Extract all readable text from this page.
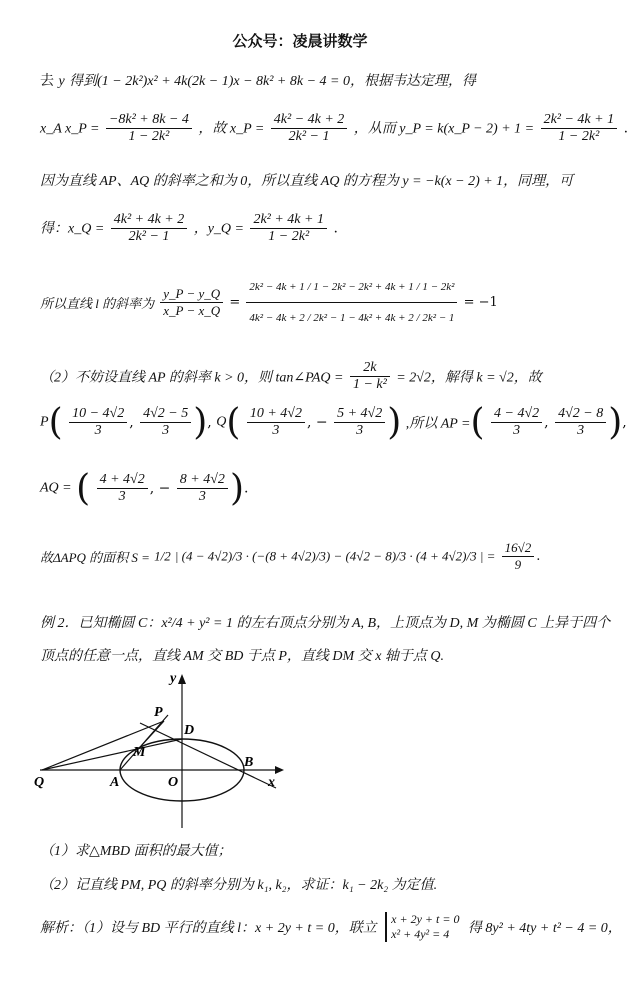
公众号：凌晨讲数学
去 y 得到(1 − 2k²)x² + 4k(2k − 1)x − 8k² + 8k − 4 = 0，根据韦达定理，得
x_A x_P = $\frac{\text{−8k² + 8k − 4}}{\text{1 − 2k²}}$ ，故 x_P = $\frac{\text{4k² − 4k + 2}}{\text{2k² − 1}}$ ，从而 y_P = k(x_P − $2) + 1 = \frac{\text{2k² − 4k + 1}}{\text{1 − 2k²}}$ .
因为直线 AP、AQ 的斜率之和为 0，所以直线 AQ 的方程为 y = −k(x − 2) + 1，同理，可
得：x_Q = $\frac{\text{4k² + 4k + 2}}{\text{2k² − 1}}$ ，y_Q = $\frac{\text{2k² + 4k + 1}}{\text{1 − 2k²}}$ .
所以直线 l 的斜率为 $\frac{y\_P - y\_Q}{x\_P - x\_Q} = \frac{\text{2k² − 4k + 1 / 1 − 2k² − 2k² + 4k + 1 / 1 − 2k²}}{\text{4k² − 4k + 2 / 2k² − 1 − 4k² + 4k + 2 / 2k² − 1}} = -1$
（2）不妨设直线 AP 的斜率 k > 0，则 tan∠PAQ = $\frac{2k}{\text{1 − k²}} = 2√2$，解得 k = √2，故
$P( \frac{10 - 4√2}{3}$ , $\frac{4√2 - 5}{3}$ ), $Q( \frac{10 + 4√2}{3}$ , − $\frac{5 + 4√2}{3}$ ) ,所以 AP =( $\frac{4 - 4√2}{3}$ , $\frac{4√2 - 8}{3}$ ),
AQ = ( $\frac{4 + 4√2}{3}$ , − $\frac{8 + 4√2}{3}$ ).
故ΔAPQ 的面积 S = 1/2 | (4 − 4√2)/3 · (−(8 + 4√2)/3) − (4√2 − 8)/3 · (4 + 4√2)/3 | = $\frac{16√2}{9}$ .
例 2．已知椭圆 C：x²/4 + y² = 1 的左右顶点分别为 A, B，上顶点为 D, M 为椭圆 C 上异于四个
顶点的任意一点，直线 AM 交 BD 于点 P，直线 DM 交 x 轴于点 Q.
y
x
P
D
M
Q	A	O
B
（1）求△MBD 面积的最大值；
（2）记直线 PM, PQ 的斜率分别为 k₁, k₂，求证：k₁ − 2k₂ 为定值.
解析：（1）设与 BD 平行的直线 l：x + 2y + t = 0，联立
x + 2y + t = 0
x² + 4y² = 4	得 8y² + 4ty + t² − 4 = 0，
